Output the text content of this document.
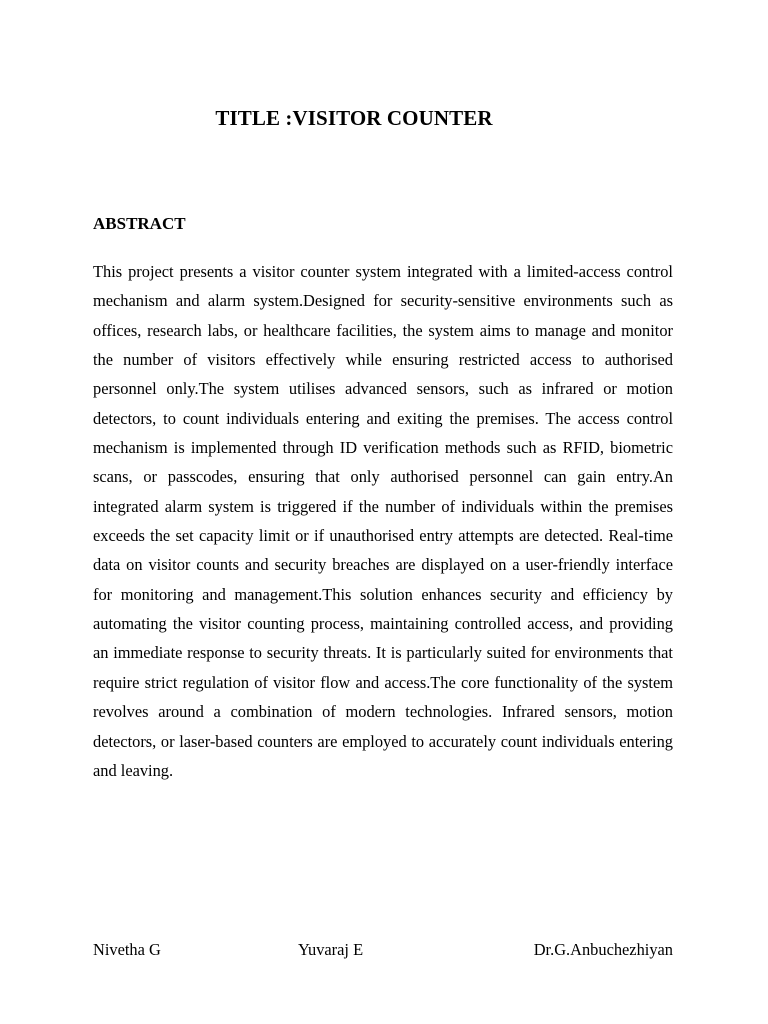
TITLE :VISITOR COUNTER
ABSTRACT

This project presents a visitor counter system integrated with a limited-access control mechanism and alarm system.Designed for security-sensitive environments such as offices, research labs, or healthcare facilities, the system aims to manage and monitor the number of visitors effectively while ensuring restricted access to authorised personnel only.The system utilises advanced sensors, such as infrared or motion detectors, to count individuals entering and exiting the premises. The access control mechanism is implemented through ID verification methods such as RFID, biometric scans, or passcodes, ensuring that only authorised personnel can gain entry.An integrated alarm system is triggered if the number of individuals within the premises exceeds the set capacity limit or if unauthorised entry attempts are detected. Real-time data on visitor counts and security breaches are displayed on a user-friendly interface for monitoring and management.This solution enhances security and efficiency by automating the visitor counting process, maintaining controlled access, and providing an immediate response to security threats. It is particularly suited for environments that require strict regulation of visitor flow and access.The core functionality of the system revolves around a combination of modern technologies. Infrared sensors, motion detectors, or laser-based counters are employed to accurately count individuals entering and leaving.

Nivetha G	Yuvaraj E	Dr.G.Anbuchezhiyan
